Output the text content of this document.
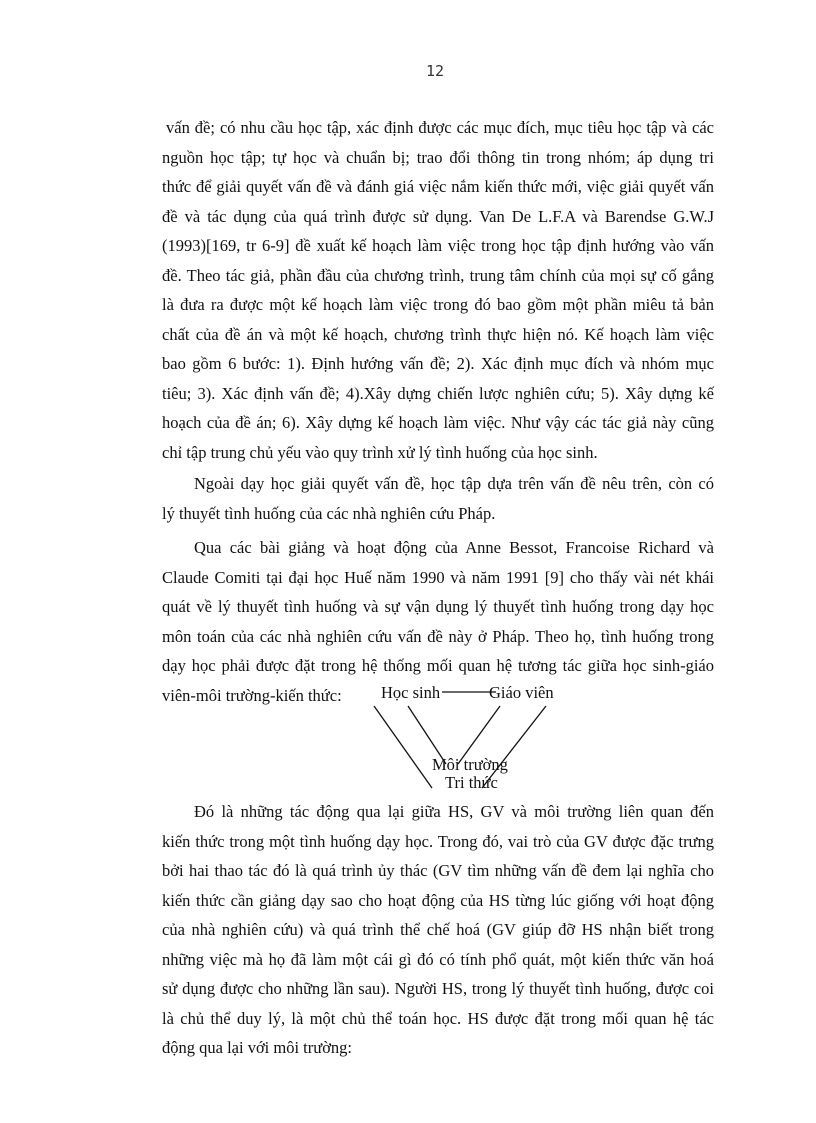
12
vấn đề; có nhu cầu học tập, xác định được các mục đích, mục tiêu học tập và các
nguồn học tập; tự học và chuẩn bị; trao đổi thông tin trong nhóm; áp dụng tri
thức để giải quyết vấn đề và đánh giá việc nắm kiến thức mới, việc giải quyết vấn
đề và tác dụng của quá trình được sử dụng. Van De L.F.A và Barendse G.W.J
(1993)[169, tr 6-9] đề xuất kế hoạch làm việc trong học tập định hướng vào vấn
đề. Theo tác giả, phần đầu của chương trình, trung tâm chính của mọi sự cố gắng
là đưa ra được một kế hoạch làm việc trong đó bao gồm một phần miêu tả bản
chất của đề án và một kế hoạch, chương trình thực hiện nó. Kế hoạch làm việc
bao gồm 6 bước: 1). Định hướng vấn đề; 2). Xác định mục đích và nhóm mục
tiêu; 3). Xác định vấn đề; 4).Xây dựng chiến lược nghiên cứu; 5). Xây dựng kế
hoạch của đề án; 6). Xây dựng kế hoạch làm việc. Như vậy các tác giả này cũng
chỉ tập trung chủ yếu vào quy trình xử lý tình huống của học sinh.
Ngoài dạy học giải quyết vấn đề, học tập dựa trên vấn đề nêu trên, còn có
lý thuyết tình huống của các nhà nghiên cứu Pháp.
Qua các bài giảng và hoạt động của Anne Bessot, Francoise Richard và
Claude Comiti tại đại học Huế năm 1990 và năm 1991 [9] cho thấy vài nét khái
quát về lý thuyết tình huống và sự vận dụng lý thuyết tình huống trong dạy học
môn toán của các nhà nghiên cứu vấn đề này ở Pháp. Theo họ, tình huống trong
dạy học phải được đặt trong hệ thống mối quan hệ tương tác giữa học sinh-giáo
viên-môi trường-kiến thức:	Học sinh	Giáo viên
Môi trường
Tri thức
Đó là những tác động qua lại giữa HS, GV và môi trường liên quan đến
kiến thức trong một tình huống dạy học. Trong đó, vai trò của GV được đặc trưng
bởi hai thao tác đó là quá trình ủy thác (GV tìm những vấn đề đem lại nghĩa cho
kiến thức cần giảng dạy sao cho hoạt động của HS từng lúc giống với hoạt động
của nhà nghiên cứu) và quá trình thể chế hoá (GV giúp đỡ HS nhận biết trong
những việc mà họ đã làm một cái gì đó có tính phổ quát, một kiến thức văn hoá
sử dụng được cho những lần sau). Người HS, trong lý thuyết tình huống, được coi
là chủ thể duy lý, là một chủ thể toán học. HS được đặt trong mối quan hệ tác
động qua lại với môi trường:
